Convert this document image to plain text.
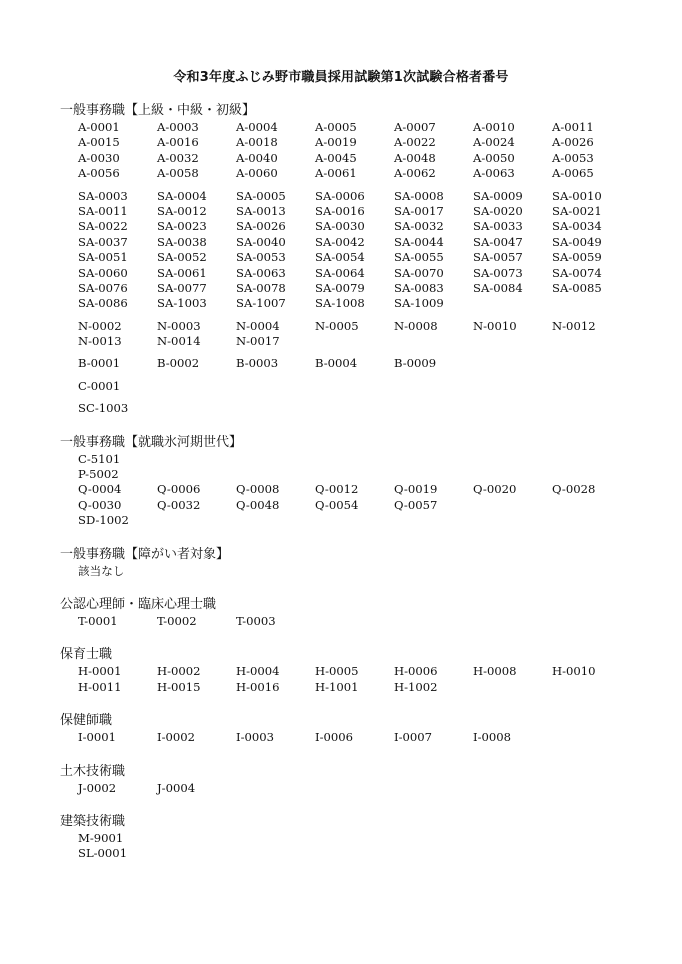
令和3年度ふじみ野市職員採用試験第1次試験合格者番号
一般事務職【上級・中級・初級】
A-0001	A-0003	A-0004	A-0005	A-0007	A-0010	A-0011
A-0015	A-0016	A-0018	A-0019	A-0022	A-0024	A-0026
A-0030	A-0032	A-0040	A-0045	A-0048	A-0050	A-0053
A-0056	A-0058	A-0060	A-0061	A-0062	A-0063	A-0065
SA-0003	SA-0004	SA-0005	SA-0006	SA-0008	SA-0009	SA-0010
SA-0011	SA-0012	SA-0013	SA-0016	SA-0017	SA-0020	SA-0021
SA-0022	SA-0023	SA-0026	SA-0030	SA-0032	SA-0033	SA-0034
SA-0037	SA-0038	SA-0040	SA-0042	SA-0044	SA-0047	SA-0049
SA-0051	SA-0052	SA-0053	SA-0054	SA-0055	SA-0057	SA-0059
SA-0060	SA-0061	SA-0063	SA-0064	SA-0070	SA-0073	SA-0074
SA-0076	SA-0077	SA-0078	SA-0079	SA-0083	SA-0084	SA-0085
SA-0086	SA-1003	SA-1007	SA-1008	SA-1009
N-0002	N-0003	N-0004	N-0005	N-0008	N-0010	N-0012
N-0013	N-0014	N-0017
B-0001	B-0002	B-0003	B-0004	B-0009
C-0001
SC-1003
一般事務職【就職氷河期世代】
C-5101
P-5002
Q-0004	Q-0006	Q-0008	Q-0012	Q-0019	Q-0020	Q-0028
Q-0030	Q-0032	Q-0048	Q-0054	Q-0057
SD-1002
一般事務職【障がい者対象】
該当なし
公認心理師・臨床心理士職
T-0001	T-0002	T-0003
保育士職
H-0001	H-0002	H-0004	H-0005	H-0006	H-0008	H-0010
H-0011	H-0015	H-0016	H-1001	H-1002
保健師職
I-0001	I-0002	I-0003	I-0006	I-0007	I-0008
土木技術職
J-0002	J-0004
建築技術職
M-9001
SL-0001
